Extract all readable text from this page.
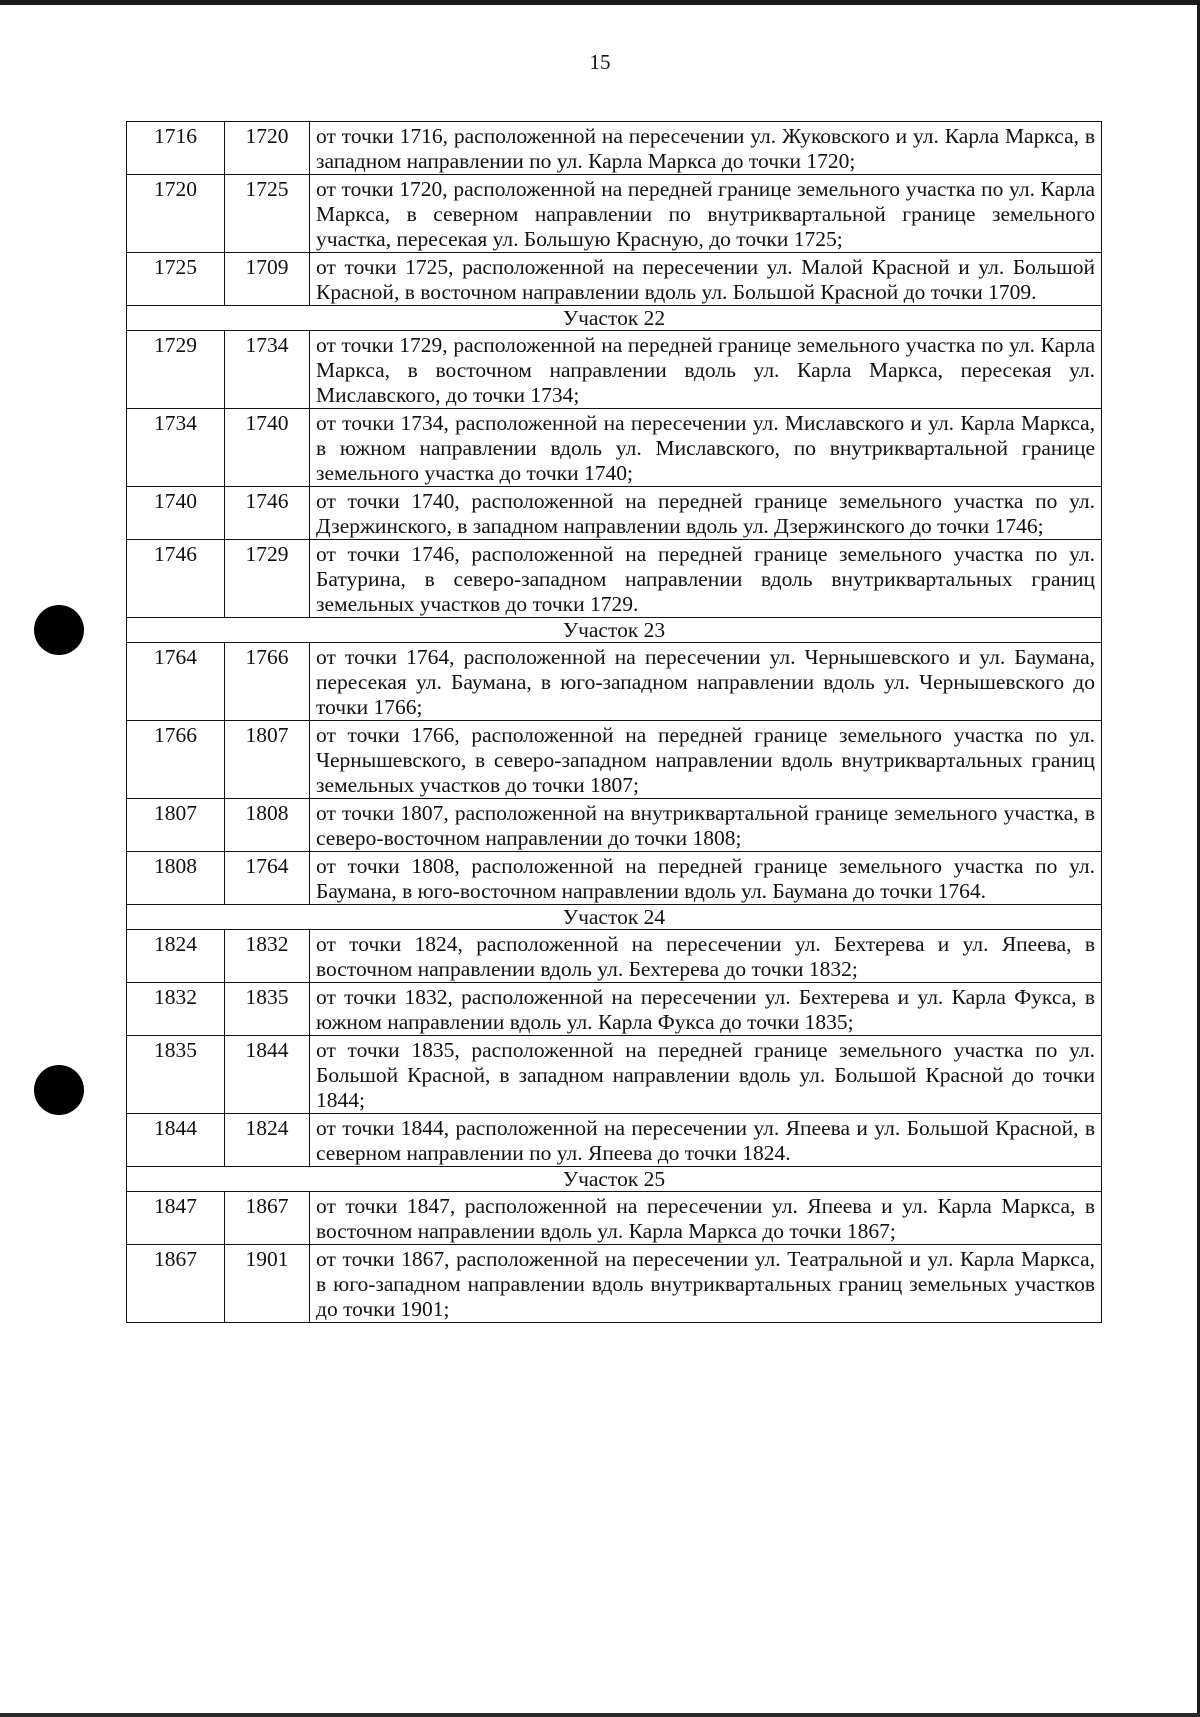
15
1716	1720	от точки 1716, расположенной на пересечении ул. Жуковского и ул. Карла Маркса, в западном направлении по ул. Карла Маркса до точки 1720;
1720	1725	от точки 1720, расположенной на передней границе земельного участка по ул. Карла Маркса, в северном направлении по внутриквартальной границе земельного участка, пересекая ул. Большую Красную, до точки 1725;
1725	1709	от точки 1725, расположенной на пересечении ул. Малой Красной и ул. Большой Красной, в восточном направлении вдоль ул. Большой Красной до точки 1709.
Участок 22		
1729	1734	от точки 1729, расположенной на передней границе земельного участка по ул. Карла Маркса, в восточном направлении вдоль ул. Карла Маркса, пересекая ул. Миславского, до точки 1734;
1734	1740	от точки 1734, расположенной на пересечении ул. Миславского и ул. Карла Маркса, в южном направлении вдоль ул. Миславского, по внутриквартальной границе земельного участка до точки 1740;
1740	1746	от точки 1740, расположенной на передней границе земельного участка по ул. Дзержинского, в западном направлении вдоль ул. Дзержинского до точки 1746;
1746	1729	от точки 1746, расположенной на передней границе земельного участка по ул. Батурина, в северо-западном направлении вдоль внутриквартальных границ земельных участков до точки 1729.
Участок 23		
1764	1766	от точки 1764, расположенной на пересечении ул. Чернышевского и ул. Баумана, пересекая ул. Баумана, в юго-западном направлении вдоль ул. Чернышевского до точки 1766;
1766	1807	от точки 1766, расположенной на передней границе земельного участка по ул. Чернышевского, в северо-западном направлении вдоль внутриквартальных границ земельных участков до точки 1807;
1807	1808	от точки 1807, расположенной на внутриквартальной границе земельного участка, в северо-восточном направлении до точки 1808;
1808	1764	от точки 1808, расположенной на передней границе земельного участка по ул. Баумана, в юго-восточном направлении вдоль ул. Баумана до точки 1764.
Участок 24		
1824	1832	от точки 1824, расположенной на пересечении ул. Бехтерева и ул. Япеева, в восточном направлении вдоль ул. Бехтерева до точки 1832;
1832	1835	от точки 1832, расположенной на пересечении ул. Бехтерева и ул. Карла Фукса, в южном направлении вдоль ул. Карла Фукса до точки 1835;
1835	1844	от точки 1835, расположенной на передней границе земельного участка по ул. Большой Красной, в западном направлении вдоль ул. Большой Красной до точки 1844;
1844	1824	от точки 1844, расположенной на пересечении ул. Япеева и ул. Большой Красной, в северном направлении по ул. Япеева до точки 1824.
Участок 25		
1847	1867	от точки 1847, расположенной на пересечении ул. Япеева и ул. Карла Маркса, в восточном направлении вдоль ул. Карла Маркса до точки 1867;
1867	1901	от точки 1867, расположенной на пересечении ул. Театральной и ул. Карла Маркса, в юго-западном направлении вдоль внутриквартальных границ земельных участков до точки 1901;
